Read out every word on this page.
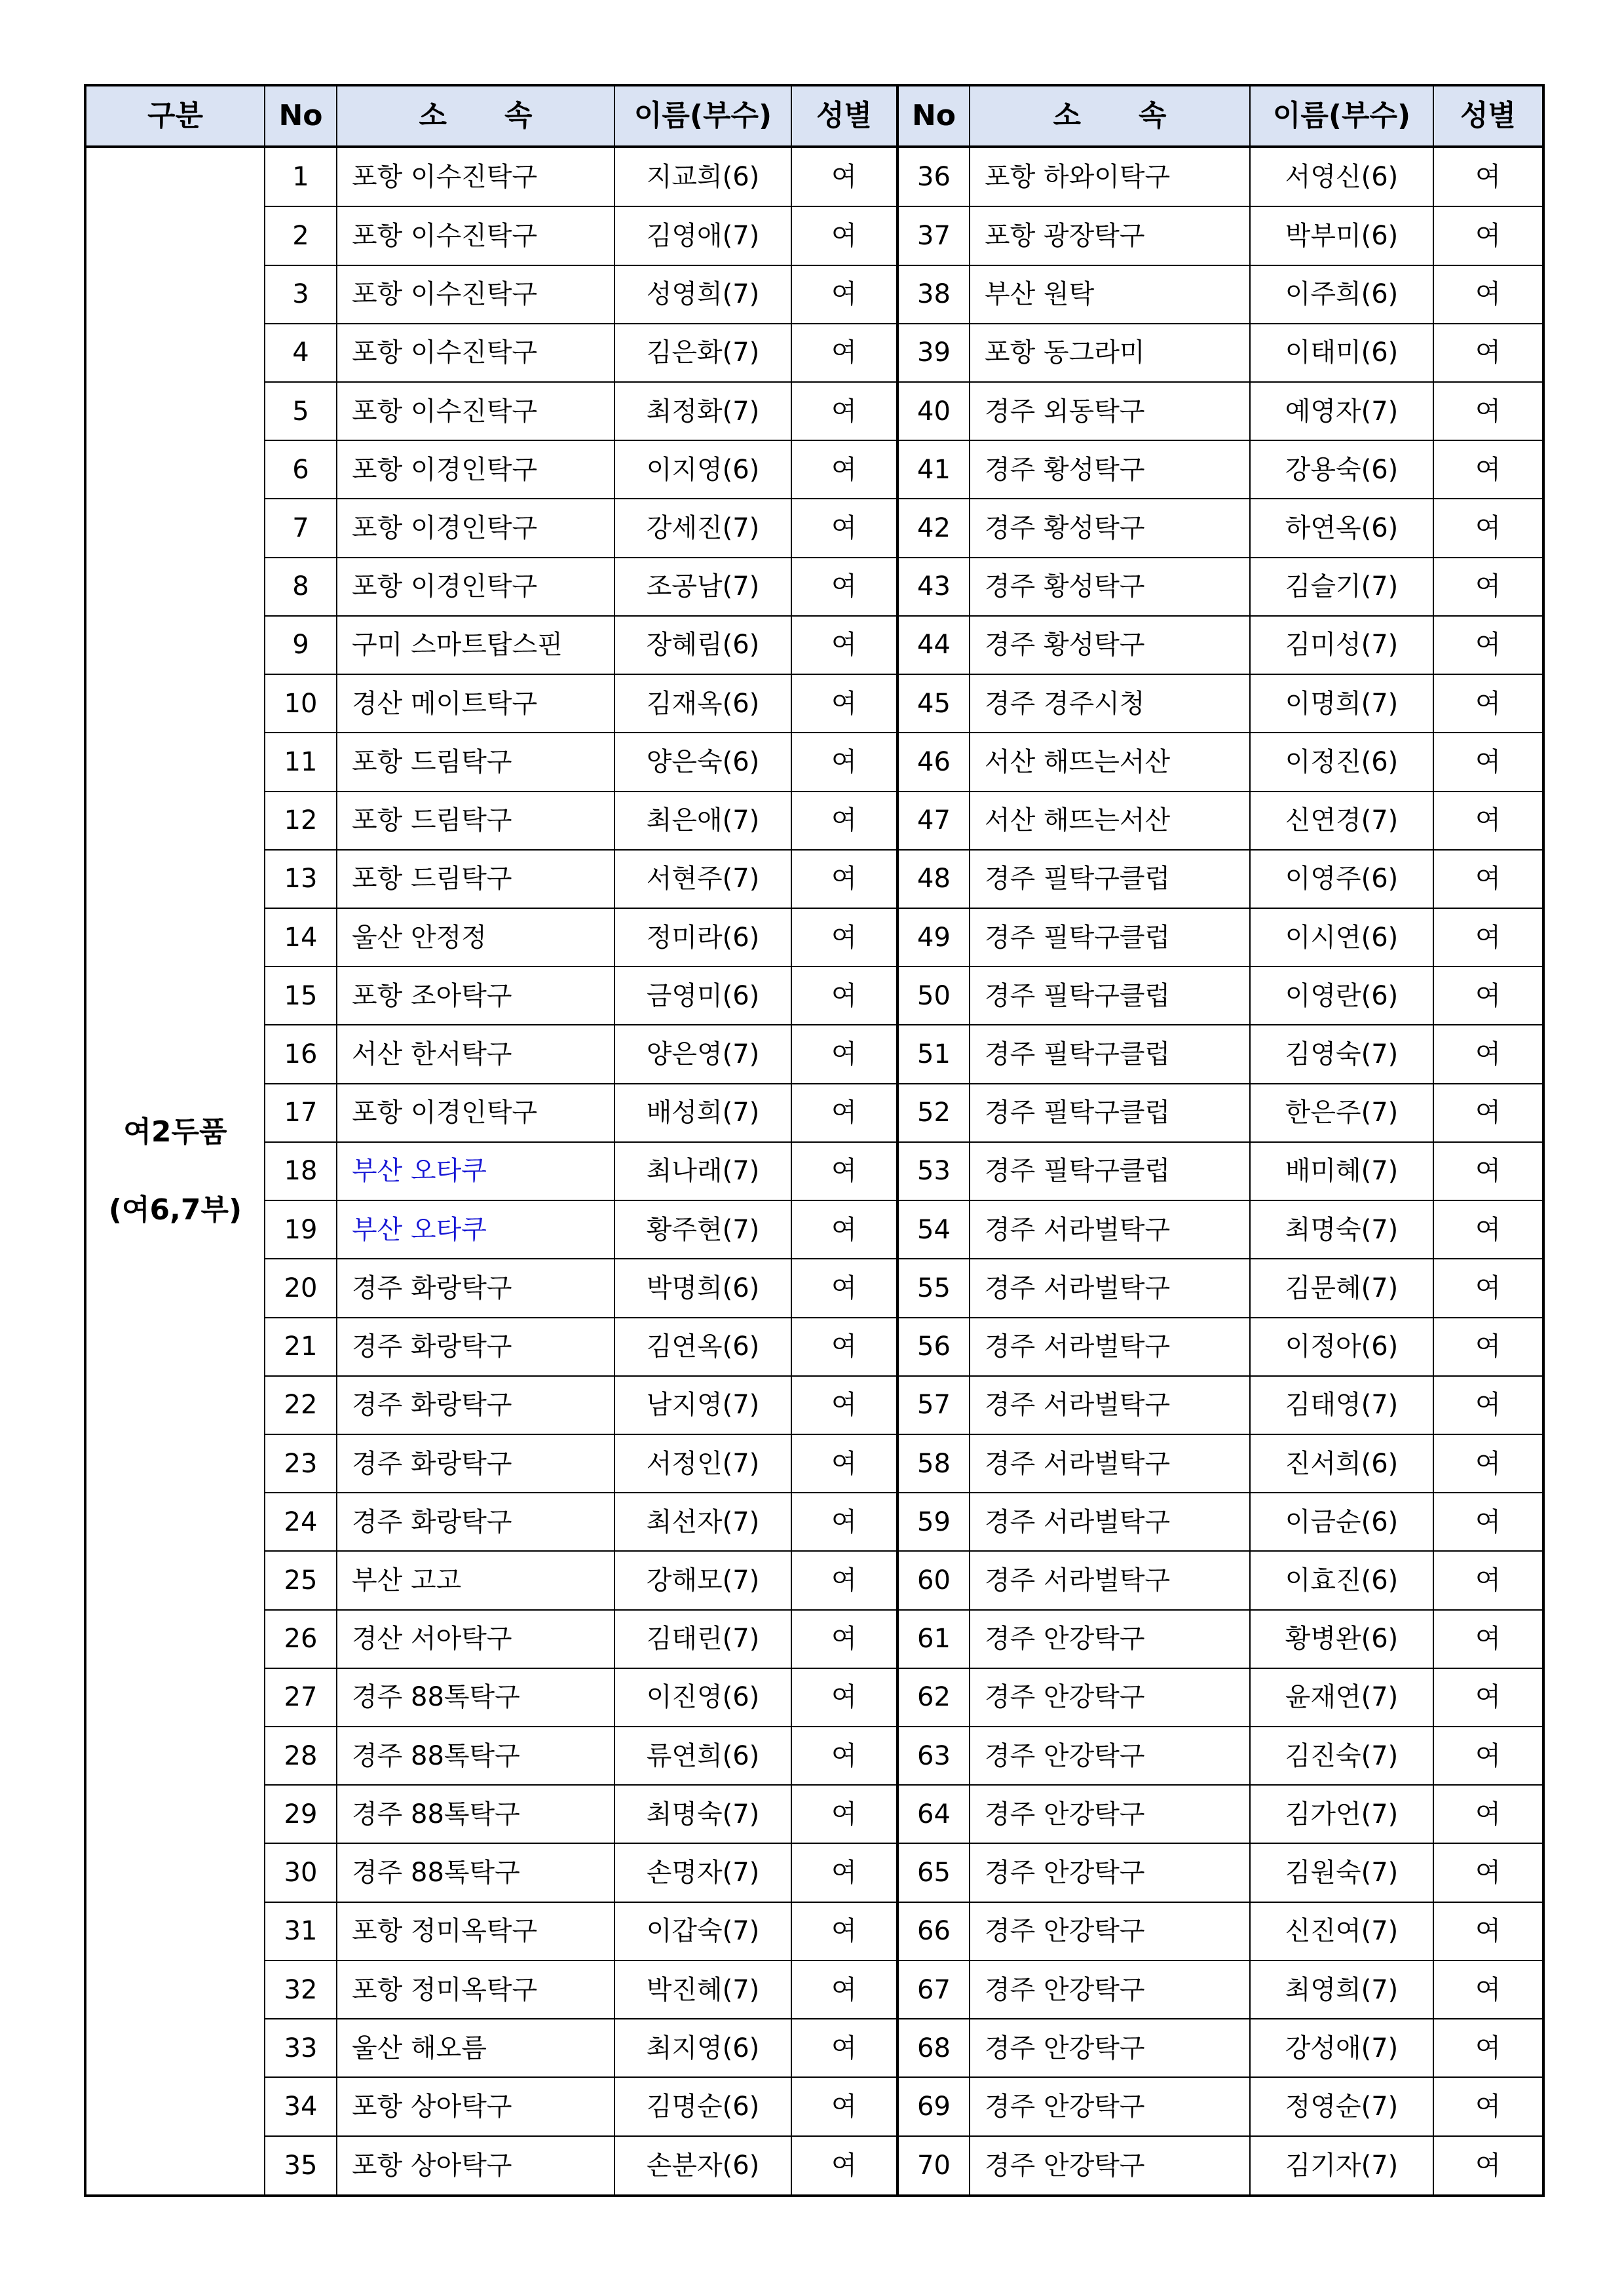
구분	No	소　　속	이름(부수)	성별	No	소　　속	이름(부수)	성별

여2두품
(여6,7부)	1	포항 이수진탁구	지교희(6)	여	36	포항 하와이탁구	서영신(6)	여
	2	포항 이수진탁구	김영애(7)	여	37	포항 광장탁구	박부미(6)	여
	3	포항 이수진탁구	성영희(7)	여	38	부산 원탁	이주희(6)	여
	4	포항 이수진탁구	김은화(7)	여	39	포항 동그라미	이태미(6)	여
	5	포항 이수진탁구	최정화(7)	여	40	경주 외동탁구	예영자(7)	여
	6	포항 이경인탁구	이지영(6)	여	41	경주 황성탁구	강용숙(6)	여
	7	포항 이경인탁구	강세진(7)	여	42	경주 황성탁구	하연옥(6)	여
	8	포항 이경인탁구	조공남(7)	여	43	경주 황성탁구	김슬기(7)	여
	9	구미 스마트탑스핀	장혜림(6)	여	44	경주 황성탁구	김미성(7)	여
	10	경산 메이트탁구	김재옥(6)	여	45	경주 경주시청	이명희(7)	여
	11	포항 드림탁구	양은숙(6)	여	46	서산 해뜨는서산	이정진(6)	여
	12	포항 드림탁구	최은애(7)	여	47	서산 해뜨는서산	신연경(7)	여
	13	포항 드림탁구	서현주(7)	여	48	경주 필탁구클럽	이영주(6)	여
	14	울산 안정정	정미라(6)	여	49	경주 필탁구클럽	이시연(6)	여
	15	포항 조아탁구	금영미(6)	여	50	경주 필탁구클럽	이영란(6)	여
	16	서산 한서탁구	양은영(7)	여	51	경주 필탁구클럽	김영숙(7)	여
	17	포항 이경인탁구	배성희(7)	여	52	경주 필탁구클럽	한은주(7)	여
	18	부산 오타쿠	최나래(7)	여	53	경주 필탁구클럽	배미혜(7)	여
	19	부산 오타쿠	황주현(7)	여	54	경주 서라벌탁구	최명숙(7)	여
	20	경주 화랑탁구	박명희(6)	여	55	경주 서라벌탁구	김문혜(7)	여
	21	경주 화랑탁구	김연옥(6)	여	56	경주 서라벌탁구	이정아(6)	여
	22	경주 화랑탁구	남지영(7)	여	57	경주 서라벌탁구	김태영(7)	여
	23	경주 화랑탁구	서정인(7)	여	58	경주 서라벌탁구	진서희(6)	여
	24	경주 화랑탁구	최선자(7)	여	59	경주 서라벌탁구	이금순(6)	여
	25	부산 고고	강해모(7)	여	60	경주 서라벌탁구	이효진(6)	여
	26	경산 서아탁구	김태린(7)	여	61	경주 안강탁구	황병완(6)	여
	27	경주 88톡탁구	이진영(6)	여	62	경주 안강탁구	윤재연(7)	여
	28	경주 88톡탁구	류연희(6)	여	63	경주 안강탁구	김진숙(7)	여
	29	경주 88톡탁구	최명숙(7)	여	64	경주 안강탁구	김가언(7)	여
	30	경주 88톡탁구	손명자(7)	여	65	경주 안강탁구	김원숙(7)	여
	31	포항 정미옥탁구	이갑숙(7)	여	66	경주 안강탁구	신진여(7)	여
	32	포항 정미옥탁구	박진혜(7)	여	67	경주 안강탁구	최영희(7)	여
	33	울산 해오름	최지영(6)	여	68	경주 안강탁구	강성애(7)	여
	34	포항 상아탁구	김명순(6)	여	69	경주 안강탁구	정영순(7)	여
	35	포항 상아탁구	손분자(6)	여	70	경주 안강탁구	김기자(7)	여
